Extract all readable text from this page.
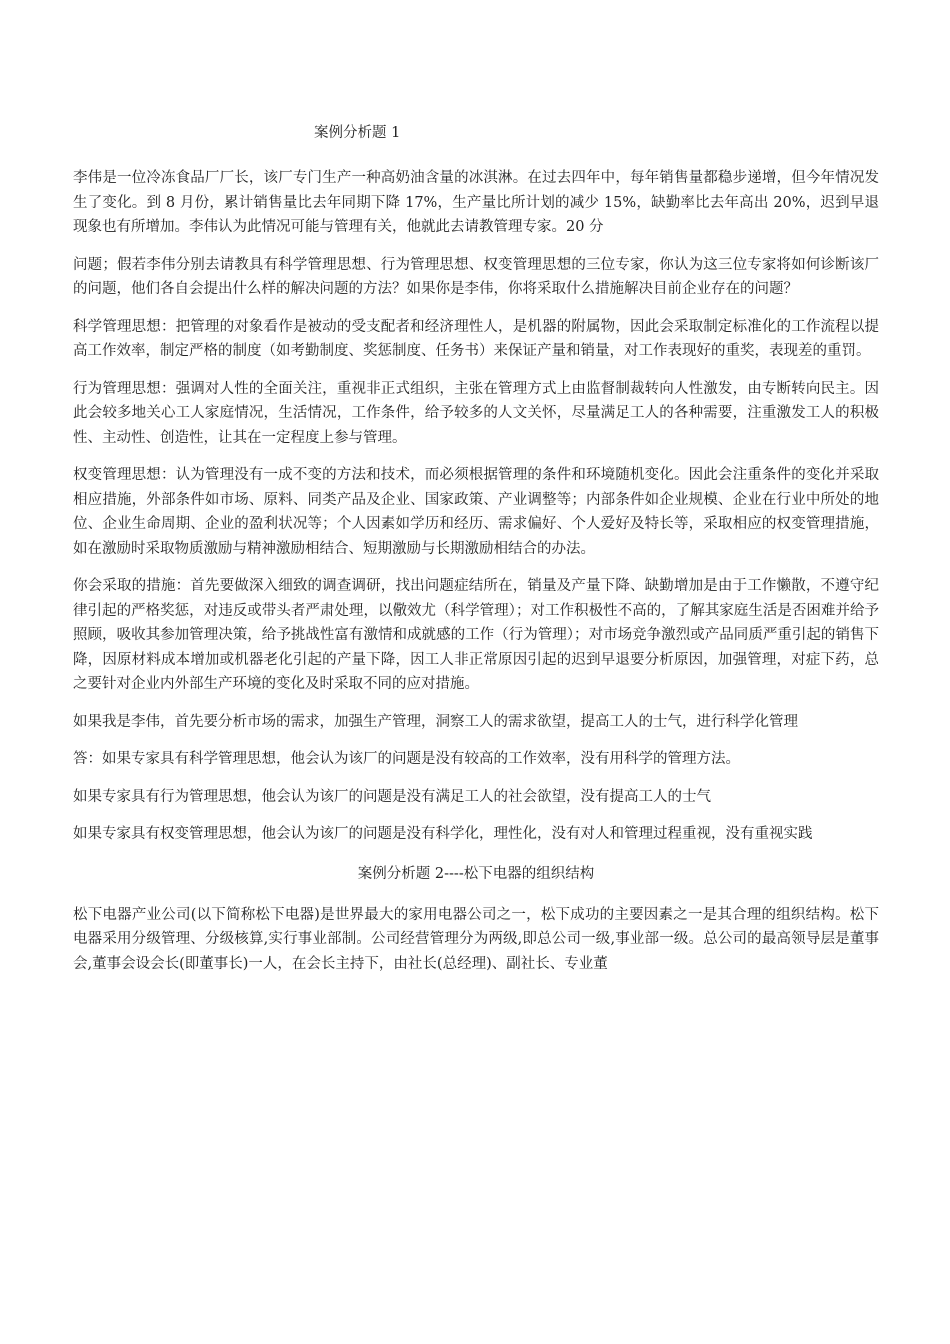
案例分析题 1

李伟是一位冷冻食品厂厂长，该厂专门生产一种高奶油含量的冰淇淋。在过去四年中，每年销售量都稳步递增，但今年情况发生了变化。到 8 月份，累计销售量比去年同期下降 17%，生产量比所计划的减少 15%，缺勤率比去年高出 20%，迟到早退现象也有所增加。李伟认为此情况可能与管理有关，他就此去请教管理专家。20 分

问题；假若李伟分别去请教具有科学管理思想、行为管理思想、权变管理思想的三位专家，你认为这三位专家将如何诊断该厂的问题，他们各自会提出什么样的解决问题的方法？如果你是李伟，你将采取什么措施解决目前企业存在的问题？

科学管理思想：把管理的对象看作是被动的受支配者和经济理性人，是机器的附属物，因此会采取制定标准化的工作流程以提高工作效率，制定严格的制度（如考勤制度、奖惩制度、任务书）来保证产量和销量，对工作表现好的重奖，表现差的重罚。

行为管理思想：强调对人性的全面关注，重视非正式组织，主张在管理方式上由监督制裁转向人性激发，由专断转向民主。因此会较多地关心工人家庭情况，生活情况，工作条件，给予较多的人文关怀，尽量满足工人的各种需要，注重激发工人的积极性、主动性、创造性，让其在一定程度上参与管理。

权变管理思想：认为管理没有一成不变的方法和技术，而必须根据管理的条件和环境随机变化。因此会注重条件的变化并采取相应措施，外部条件如市场、原料、同类产品及企业、国家政策、产业调整等；内部条件如企业规模、企业在行业中所处的地位、企业生命周期、企业的盈利状况等；个人因素如学历和经历、需求偏好、个人爱好及特长等，采取相应的权变管理措施，如在激励时采取物质激励与精神激励相结合、短期激励与长期激励相结合的办法。

你会采取的措施：首先要做深入细致的调查调研，找出问题症结所在，销量及产量下降、缺勤增加是由于工作懒散，不遵守纪律引起的严格奖惩，对违反或带头者严肃处理，以儆效尤（科学管理）；对工作积极性不高的，了解其家庭生活是否困难并给予照顾，吸收其参加管理决策，给予挑战性富有激情和成就感的工作（行为管理）；对市场竞争激烈或产品同质严重引起的销售下降，因原材料成本增加或机器老化引起的产量下降，因工人非正常原因引起的迟到早退要分析原因，加强管理，对症下药，总之要针对企业内外部生产环境的变化及时采取不同的应对措施。

如果我是李伟，首先要分析市场的需求，加强生产管理，洞察工人的需求欲望，提高工人的士气，进行科学化管理

答：如果专家具有科学管理思想，他会认为该厂的问题是没有较高的工作效率，没有用科学的管理方法。

如果专家具有行为管理思想，他会认为该厂的问题是没有满足工人的社会欲望，没有提高工人的士气

如果专家具有权变管理思想，他会认为该厂的问题是没有科学化，理性化，没有对人和管理过程重视，没有重视实践

案例分析题 2----松下电器的组织结构

松下电器产业公司(以下简称松下电器)是世界最大的家用电器公司之一，松下成功的主要因素之一是其合理的组织结构。松下电器采用分级管理、分级核算,实行事业部制。公司经营管理分为两级,即总公司一级,事业部一级。总公司的最高领导层是董事会,董事会设会长(即董事长)一人，在会长主持下，由社长(总经理)、副社长、专业董
